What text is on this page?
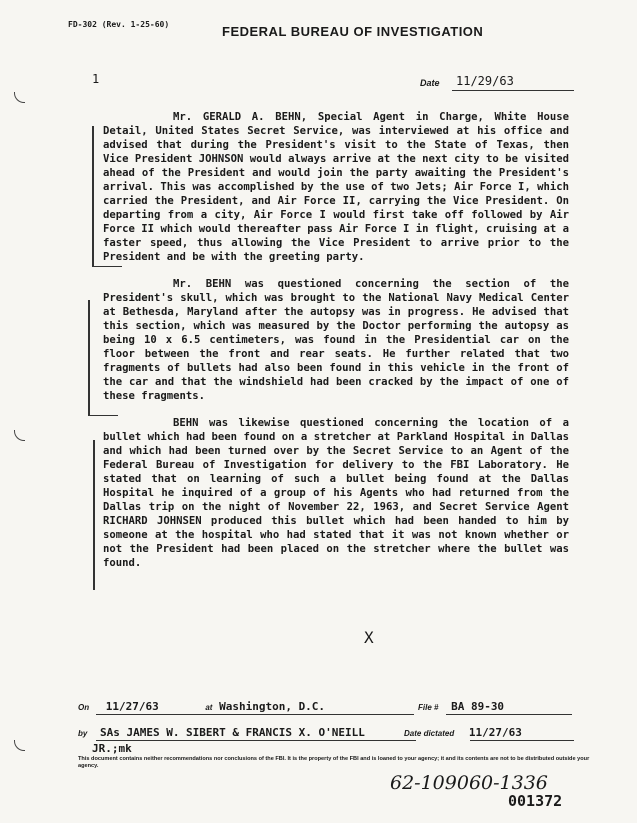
FD-302 (Rev. 1-25-60)	FEDERAL BUREAU OF INVESTIGATION
1	Date 11/29/63

Mr. GERALD A. BEHN, Special Agent in Charge, White House Detail, United States Secret Service, was interviewed at his office and advised that during the President's visit to the State of Texas, then Vice President JOHNSON would always arrive at the next city to be visited ahead of the President and would join the party awaiting the President's arrival. This was accomplished by the use of two Jets; Air Force I, which carried the President, and Air Force II, carrying the Vice President. On departing from a city, Air Force I would first take off followed by Air Force II which would thereafter pass Air Force I in flight, cruising at a faster speed, thus allowing the Vice President to arrive prior to the President and be with the greeting party.

Mr. BEHN was questioned concerning the section of the President's skull, which was brought to the National Navy Medical Center at Bethesda, Maryland after the autopsy was in progress. He advised that this section, which was measured by the Doctor performing the autopsy as being 10 x 6.5 centimeters, was found in the Presidential car on the floor between the front and rear seats. He further related that two fragments of bullets had also been found in this vehicle in the front of the car and that the windshield had been cracked by the impact of one of these fragments.

BEHN was likewise questioned concerning the location of a bullet which had been found on a stretcher at Parkland Hospital in Dallas and which had been turned over by the Secret Service to an Agent of the Federal Bureau of Investigation for delivery to the FBI Laboratory. He stated that on learning of such a bullet being found at the Dallas Hospital he inquired of a group of his Agents who had returned from the Dallas trip on the night of November 22, 1963, and Secret Service Agent RICHARD JOHNSEN produced this bullet which had been handed to him by someone at the hospital who had stated that it was not known whether or not the President had been placed on the stretcher where the bullet was found.

X
On 11/27/63	at Washington, D.C.	File # BA 89-30
by SAs JAMES W. SIBERT & FRANCIS X. O'NEILL	Date dictated 11/27/63
JR.;mk
This document contains neither recommendations nor conclusions of the FBI. It is the property of the FBI and is loaned to your agency; it and its contents are not to be distributed outside your agency.
62-109060-1336
001372
